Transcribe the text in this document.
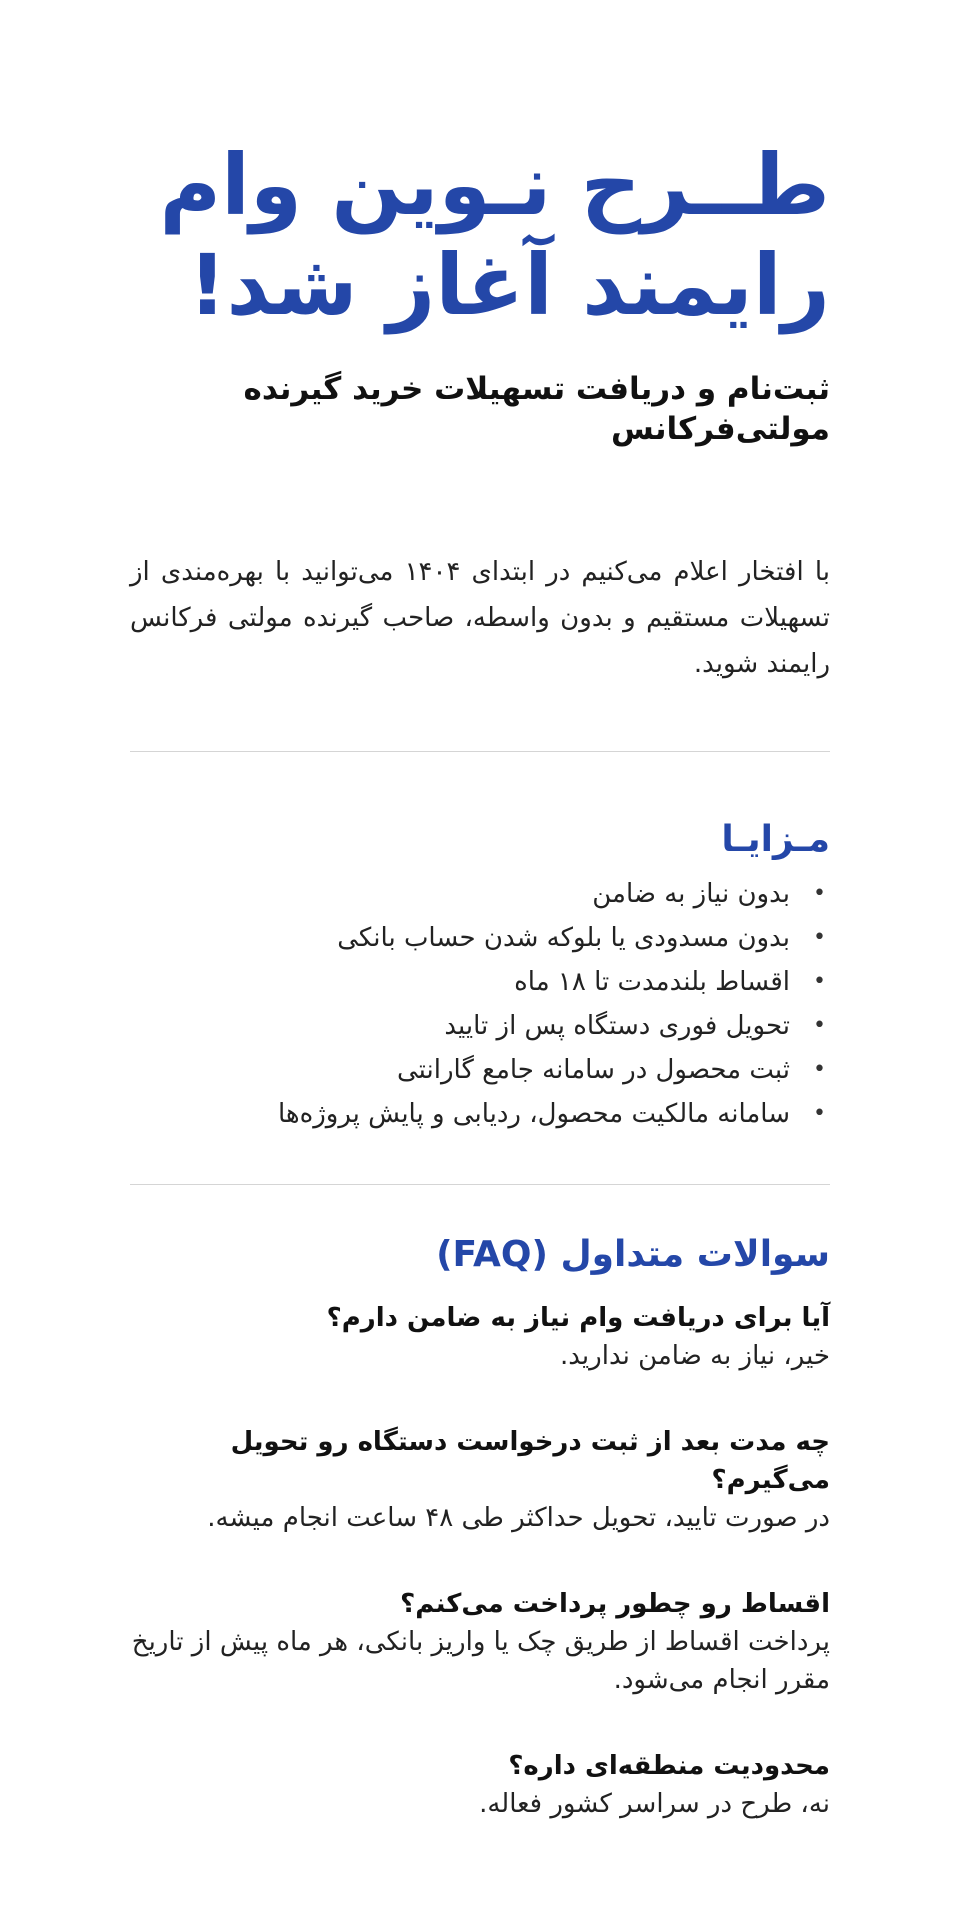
طــرح نـوین وام
رایمند آغاز شد!

ثبت‌نام و دریافت تسهیلات خرید گیرنده مولتی‌فرکانس

با افتخار اعلام می‌کنیم در ابتدای ۱۴۰۴ می‌توانید با بهره‌مندی از تسهیلات مستقیم و بدون واسطه، صاحب گیرنده مولتی فرکانس رایمند شوید.

مـزایـا
• بدون نیاز به ضامن
• بدون مسدودی یا بلوکه شدن حساب بانکی
• اقساط بلندمدت تا ۱۸ ماه
• تحویل فوری دستگاه پس از تایید
• ثبت محصول در سامانه جامع گارانتی
• سامانه مالکیت محصول، ردیابی و پایش پروژه‌ها
سوالات متداول (FAQ)

آیا برای دریافت وام نیاز به ضامن دارم؟

خیر، نیاز به ضامن ندارید.

چه مدت بعد از ثبت درخواست دستگاه رو تحویل می‌گیرم؟

در صورت تایید، تحویل حداکثر طی ۴۸ ساعت انجام میشه.

اقساط رو چطور پرداخت می‌کنم؟

پرداخت اقساط از طریق چک یا واریز بانکی، هر ماه پیش از تاریخ مقرر انجام می‌شود.

محدودیت منطقه‌ای داره؟

نه، طرح در سراسر کشور فعاله.
